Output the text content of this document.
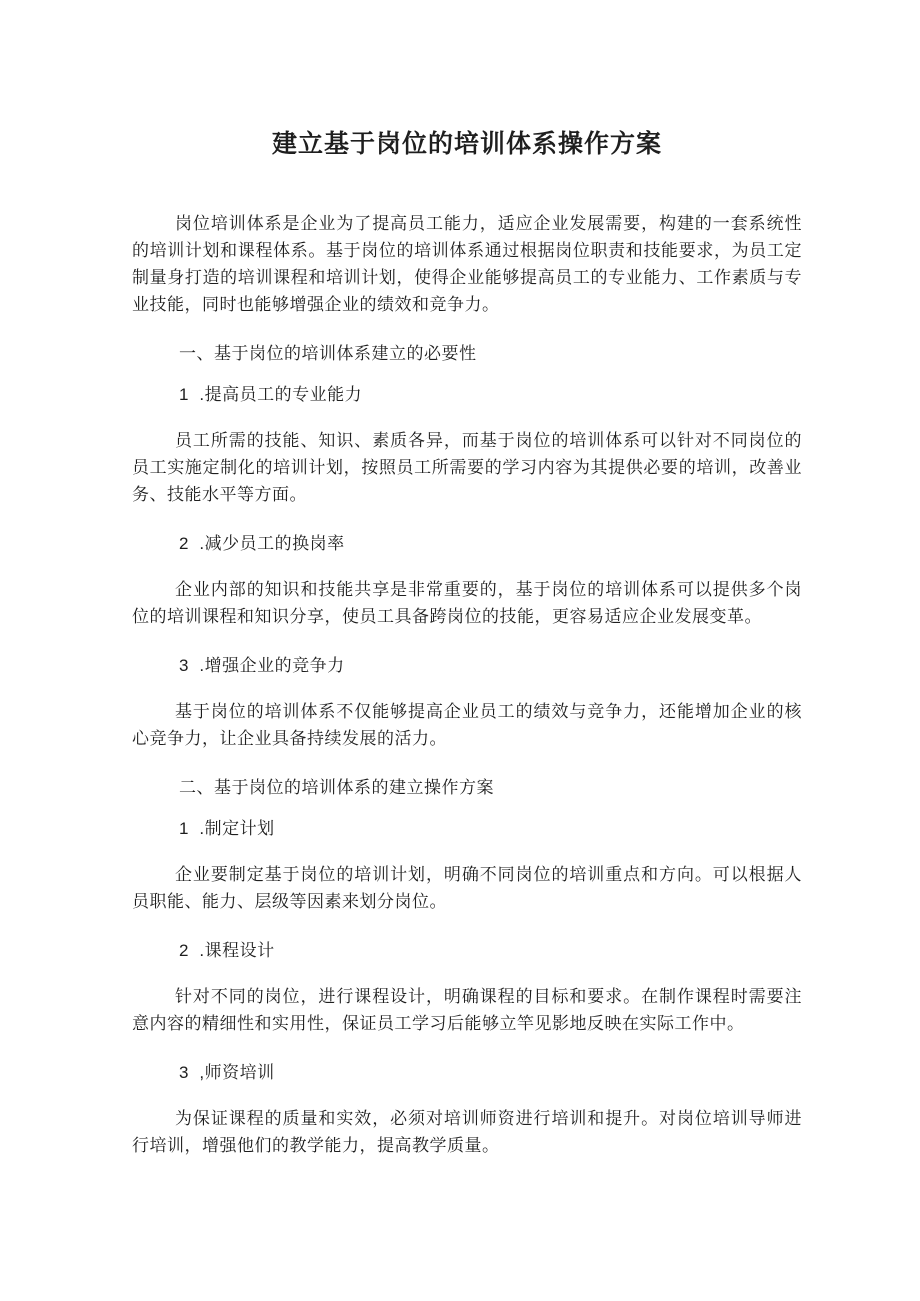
建立基于岗位的培训体系操作方案

岗位培训体系是企业为了提高员工能力，适应企业发展需要，构建的一套系统性的培训计划和课程体系。基于岗位的培训体系通过根据岗位职责和技能要求，为员工定制量身打造的培训课程和培训计划，使得企业能够提高员工的专业能力、工作素质与专业技能，同时也能够增强企业的绩效和竞争力。

一、基于岗位的培训体系建立的必要性
1  .提高员工的专业能力

员工所需的技能、知识、素质各异，而基于岗位的培训体系可以针对不同岗位的员工实施定制化的培训计划，按照员工所需要的学习内容为其提供必要的培训，改善业务、技能水平等方面。

2  .减少员工的换岗率

企业内部的知识和技能共享是非常重要的，基于岗位的培训体系可以提供多个岗位的培训课程和知识分享，使员工具备跨岗位的技能，更容易适应企业发展变革。

3  .增强企业的竞争力

基于岗位的培训体系不仅能够提高企业员工的绩效与竞争力，还能增加企业的核心竞争力，让企业具备持续发展的活力。

二、基于岗位的培训体系的建立操作方案
1  .制定计划

企业要制定基于岗位的培训计划，明确不同岗位的培训重点和方向。可以根据人员职能、能力、层级等因素来划分岗位。

2  .课程设计

针对不同的岗位，进行课程设计，明确课程的目标和要求。在制作课程时需要注意内容的精细性和实用性，保证员工学习后能够立竿见影地反映在实际工作中。

3  ,师资培训

为保证课程的质量和实效，必须对培训师资进行培训和提升。对岗位培训导师进行培训，增强他们的教学能力，提高教学质量。
